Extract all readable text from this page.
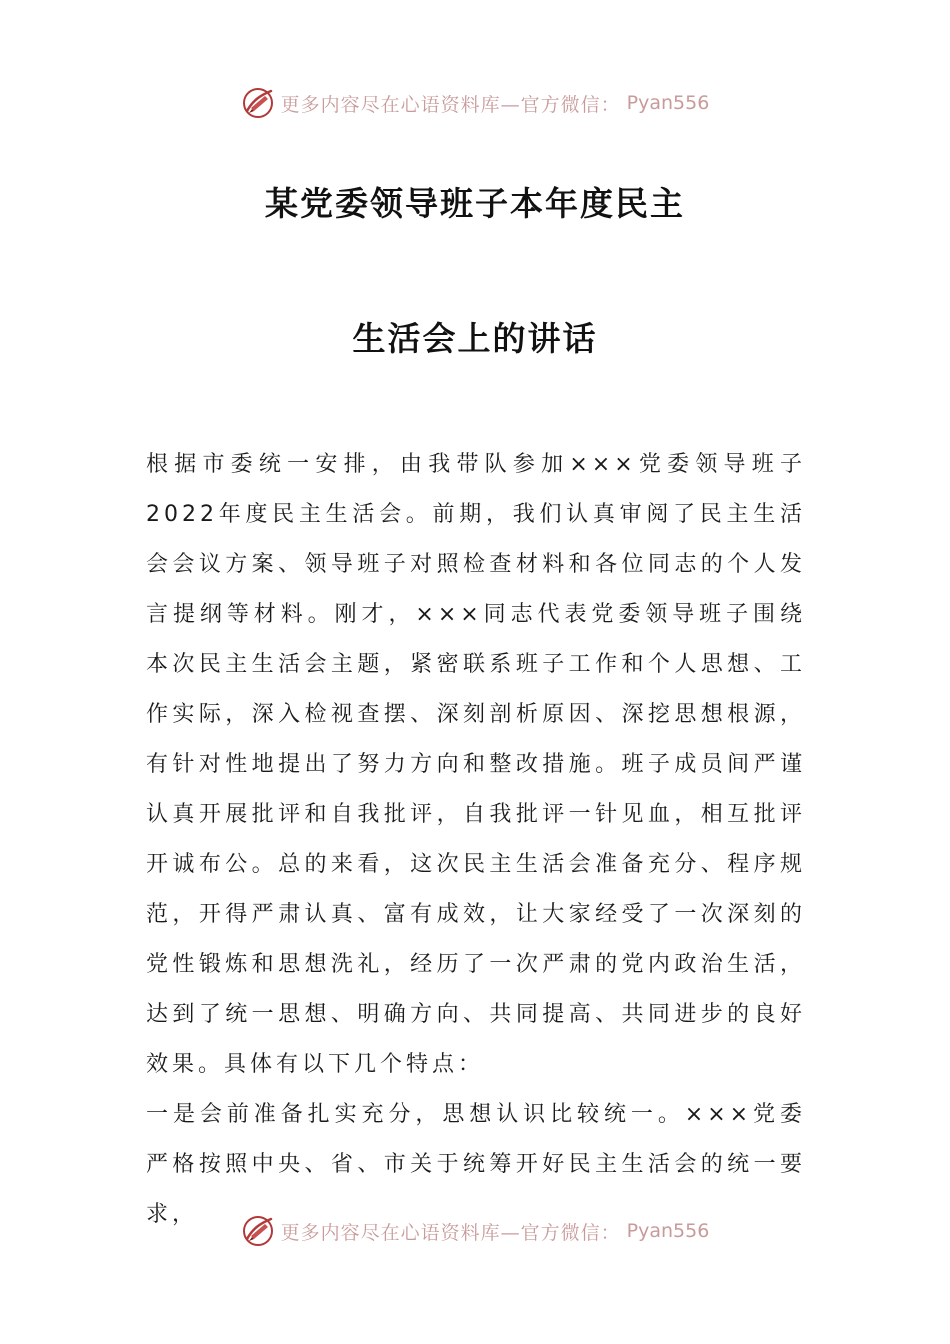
更多内容尽在心语资料库—官方微信： Pyan556
某党委领导班子本年度民主
生活会上的讲话

根据市委统一安排，由我带队参加×××党委领导班子2022年度民主生活会。前期，我们认真审阅了民主生活会会议方案、领导班子对照检查材料和各位同志的个人发言提纲等材料。刚才，×××同志代表党委领导班子围绕本次民主生活会主题，紧密联系班子工作和个人思想、工作实际，深入检视查摆、深刻剖析原因、深挖思想根源，有针对性地提出了努力方向和整改措施。班子成员间严谨认真开展批评和自我批评，自我批评一针见血，相互批评开诚布公。总的来看，这次民主生活会准备充分、程序规范，开得严肃认真、富有成效，让大家经受了一次深刻的党性锻炼和思想洗礼，经历了一次严肃的党内政治生活，达到了统一思想、明确方向、共同提高、共同进步的良好效果。具体有以下几个特点：

一是会前准备扎实充分，思想认识比较统一。×××党委严格按照中央、省、市关于统筹开好民主生活会的统一要求，

更多内容尽在心语资料库—官方微信： Pyan556
